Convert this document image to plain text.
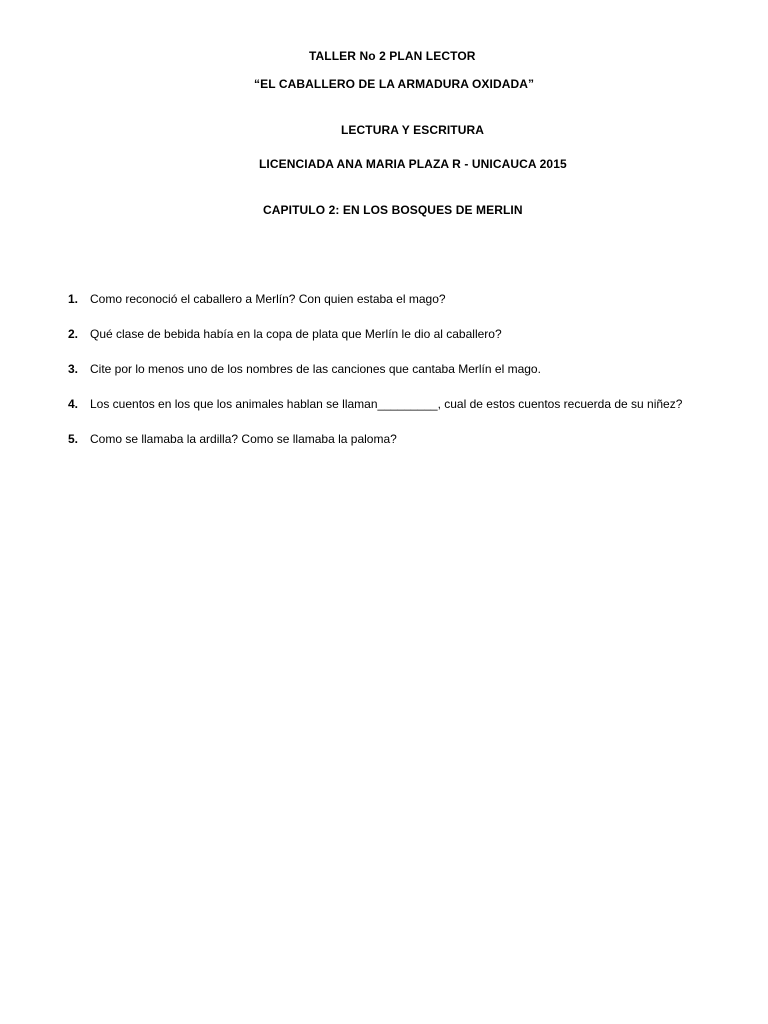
TALLER No 2 PLAN LECTOR
“EL CABALLERO DE LA ARMADURA OXIDADA”
LECTURA Y ESCRITURA
LICENCIADA ANA MARIA PLAZA R - UNICAUCA 2015
CAPITULO 2: EN LOS BOSQUES DE MERLIN
1. Como reconoció el caballero a Merlín? Con quien estaba el mago?
2. Qué clase de bebida había en la copa de plata que Merlín le dio al caballero?
3. Cite por lo menos uno de los nombres de las canciones que cantaba Merlín el mago.
4. Los cuentos en los que los animales hablan se llaman_________, cual de estos cuentos recuerda de su niñez?
5. Como se llamaba la ardilla? Como se llamaba la paloma?
